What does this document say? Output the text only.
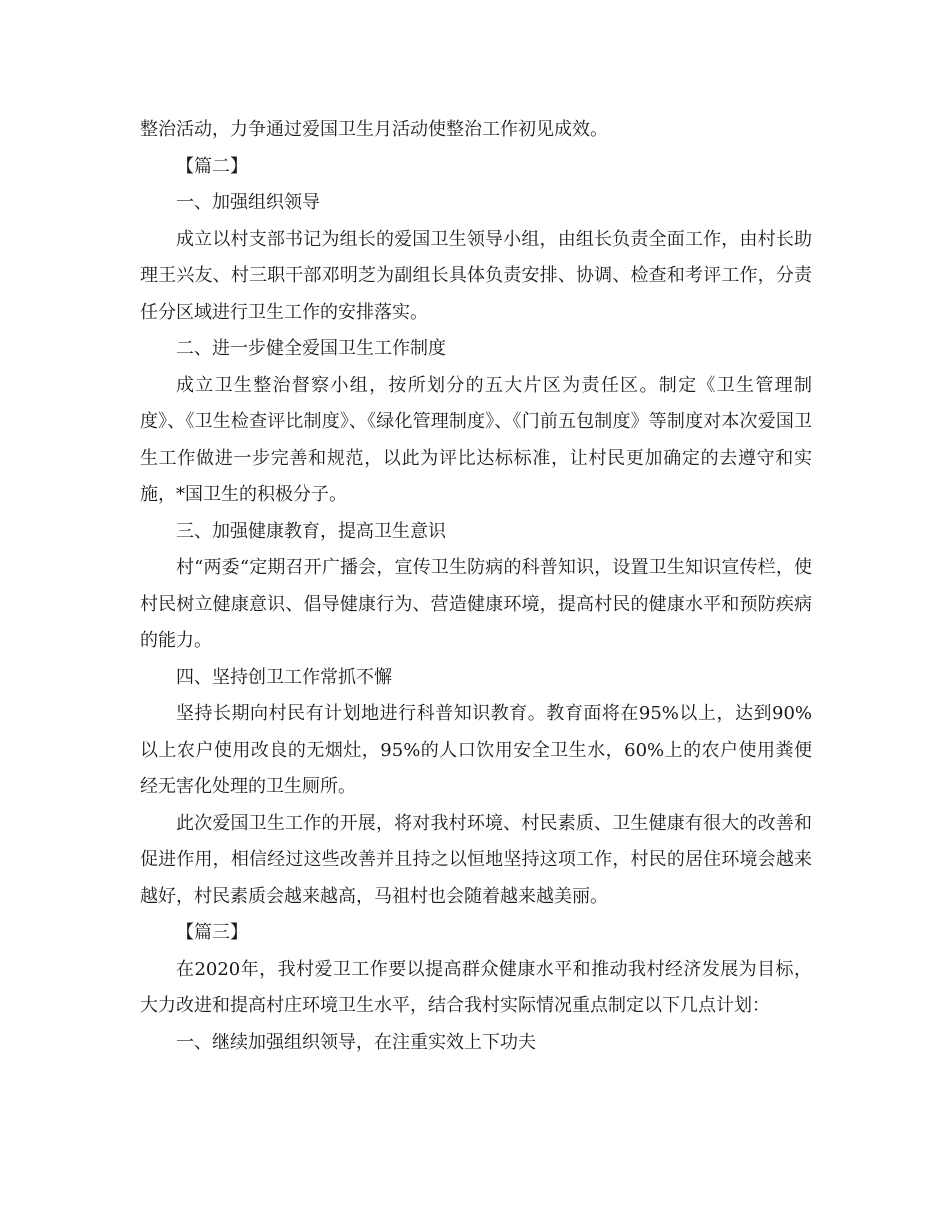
整治活动，力争通过爱国卫生月活动使整治工作初见成效。

【篇二】

一、加强组织领导

成立以村支部书记为组长的爱国卫生领导小组，由组长负责全面工作，由村长助理王兴友、村三职干部邓明芝为副组长具体负责安排、协调、检查和考评工作，分责任分区域进行卫生工作的安排落实。

二、进一步健全爱国卫生工作制度

成立卫生整治督察小组，按所划分的五大片区为责任区。制定《卫生管理制度》、《卫生检查评比制度》、《绿化管理制度》、《门前五包制度》等制度对本次爱国卫生工作做进一步完善和规范，以此为评比达标标准，让村民更加确定的去遵守和实施，*国卫生的积极分子。

三、加强健康教育，提高卫生意识

村“两委“定期召开广播会，宣传卫生防病的科普知识，设置卫生知识宣传栏，使村民树立健康意识、倡导健康行为、营造健康环境，提高村民的健康水平和预防疾病的能力。

四、坚持创卫工作常抓不懈

坚持长期向村民有计划地进行科普知识教育。教育面将在95%以上，达到90%以上农户使用改良的无烟灶，95%的人口饮用安全卫生水，60%上的农户使用粪便经无害化处理的卫生厕所。

此次爱国卫生工作的开展，将对我村环境、村民素质、卫生健康有很大的改善和促进作用，相信经过这些改善并且持之以恒地坚持这项工作，村民的居住环境会越来越好，村民素质会越来越高，马祖村也会随着越来越美丽。

【篇三】

在2020年，我村爱卫工作要以提高群众健康水平和推动我村经济发展为目标，大力改进和提高村庄环境卫生水平，结合我村实际情况重点制定以下几点计划：

一、继续加强组织领导，在注重实效上下功夫
